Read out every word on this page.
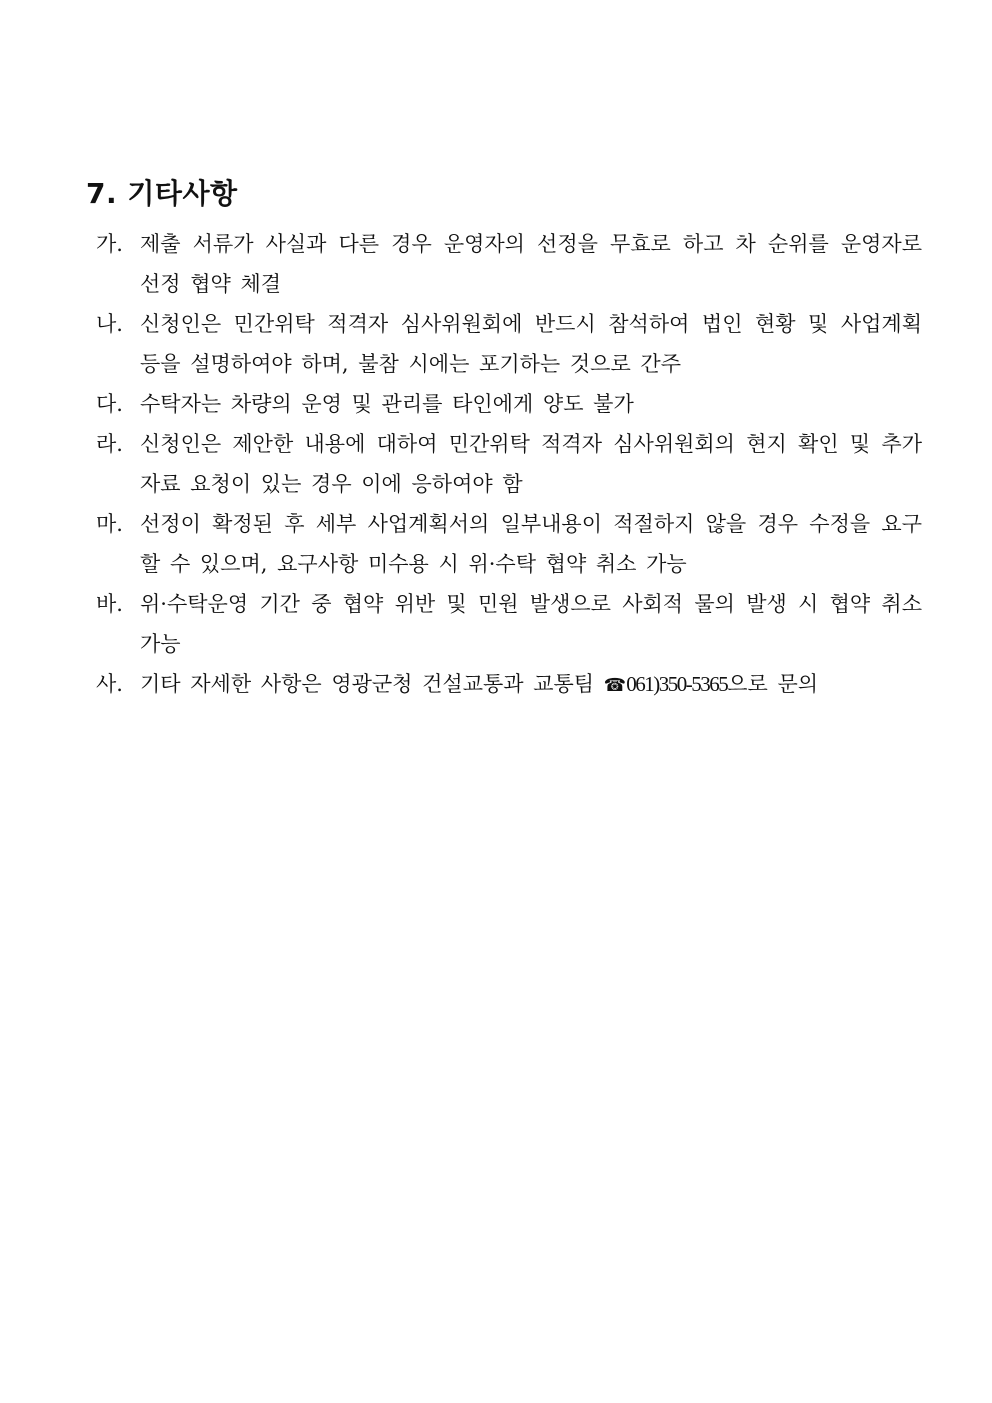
7. 기타사항
가. 제출 서류가 사실과 다른 경우 운영자의 선정을 무효로 하고 차 순위를 운영자로 선정 협약 체결
나. 신청인은 민간위탁 적격자 심사위원회에 반드시 참석하여 법인 현황 및 사업계획 등을 설명하여야 하며, 불참 시에는 포기하는 것으로 간주
다. 수탁자는 차량의 운영 및 관리를 타인에게 양도 불가
라. 신청인은 제안한 내용에 대하여 민간위탁 적격자 심사위원회의 현지 확인 및 추가 자료 요청이 있는 경우 이에 응하여야 함
마. 선정이 확정된 후 세부 사업계획서의 일부내용이 적절하지 않을 경우 수정을 요구할 수 있으며, 요구사항 미수용 시 위·수탁 협약 취소 가능
바. 위·수탁운영 기간 중 협약 위반 및 민원 발생으로 사회적 물의 발생 시 협약 취소 가능
사. 기타 자세한 사항은 영광군청 건설교통과 교통팀 ☎061)350-5365으로 문의
